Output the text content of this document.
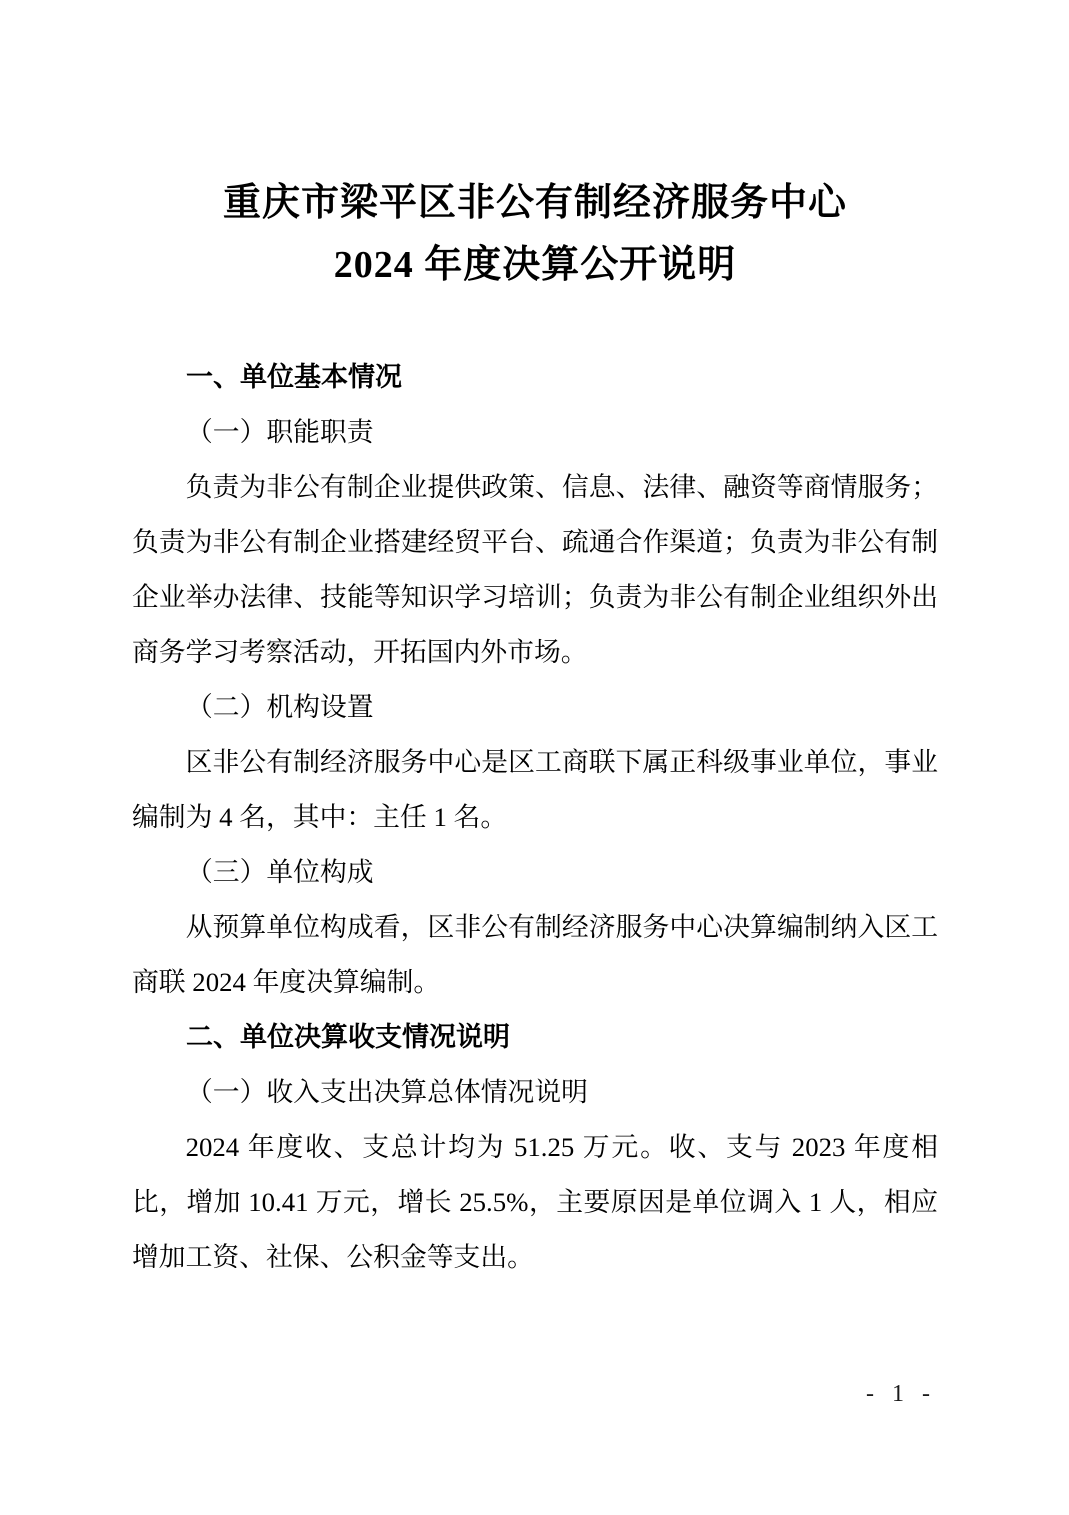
重庆市梁平区非公有制经济服务中心
2024 年度决算公开说明
一、单位基本情况
（一）职能职责

负责为非公有制企业提供政策、信息、法律、融资等商情服务；负责为非公有制企业搭建经贸平台、疏通合作渠道；负责为非公有制企业举办法律、技能等知识学习培训；负责为非公有制企业组织外出商务学习考察活动，开拓国内外市场。

（二）机构设置

区非公有制经济服务中心是区工商联下属正科级事业单位，事业编制为 4 名，其中：主任 1 名。

（三）单位构成

从预算单位构成看，区非公有制经济服务中心决算编制纳入区工商联 2024 年度决算编制。

二、单位决算收支情况说明
（一）收入支出决算总体情况说明

2024 年度收、支总计均为 51.25 万元。收、支与 2023 年度相比，增加 10.41 万元，增长 25.5%，主要原因是单位调入 1 人，相应增加工资、社保、公积金等支出。

- 1 -
